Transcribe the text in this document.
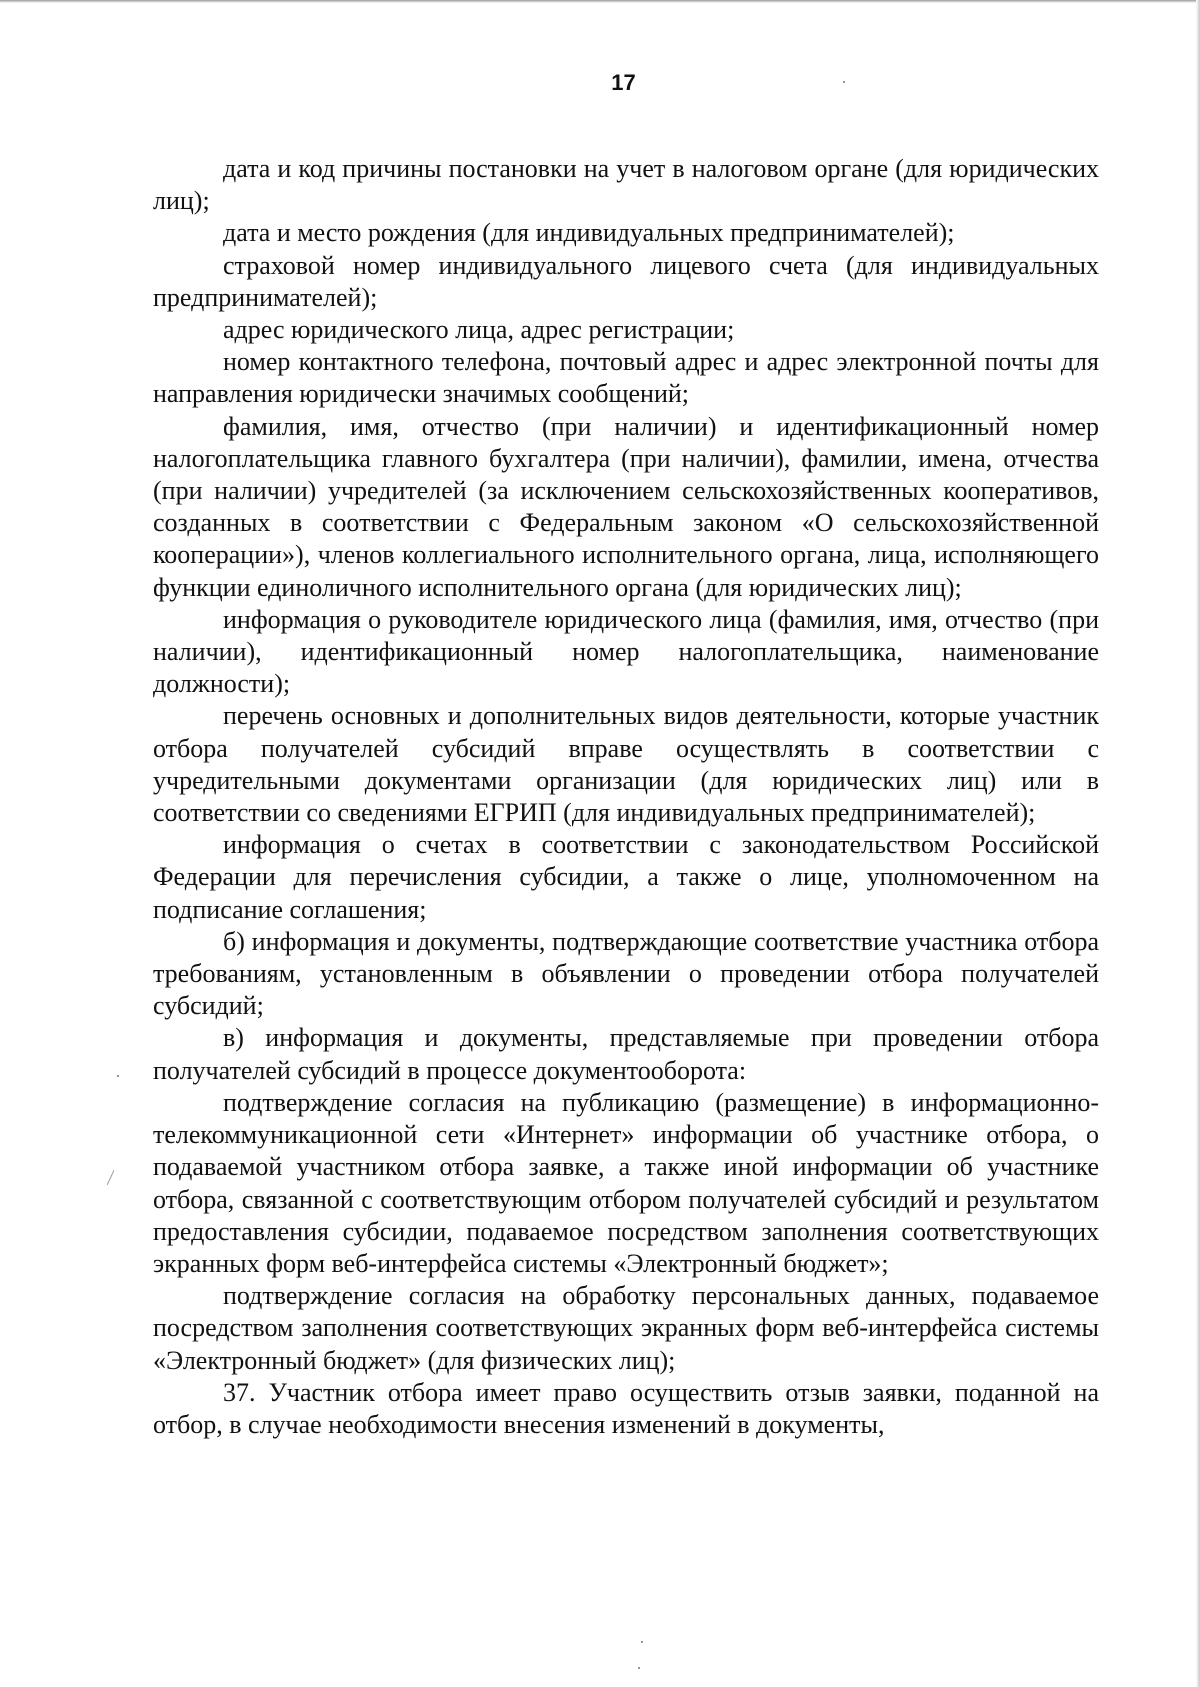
17

дата и код причины постановки на учет в налоговом органе (для юридических лиц);

дата и место рождения (для индивидуальных предпринимателей);

страховой номер индивидуального лицевого счета (для индивидуальных предпринимателей);

адрес юридического лица, адрес регистрации;

номер контактного телефона, почтовый адрес и адрес электронной почты для направления юридически значимых сообщений;

фамилия, имя, отчество (при наличии) и идентификационный номер налогоплательщика главного бухгалтера (при наличии), фамилии, имена, отчества (при наличии) учредителей (за исключением сельскохозяйственных кооперативов, созданных в соответствии с Федеральным законом «О сельскохозяйственной кооперации»), членов коллегиального исполнительного органа, лица, исполняющего функции единоличного исполнительного органа (для юридических лиц);

информация о руководителе юридического лица (фамилия, имя, отчество (при наличии), идентификационный номер налогоплательщика, наименование должности);

перечень основных и дополнительных видов деятельности, которые участник отбора получателей субсидий вправе осуществлять в соответствии с учредительными документами организации (для юридических лиц) или в соответствии со сведениями ЕГРИП (для индивидуальных предпринимателей);

информация о счетах в соответствии с законодательством Российской Федерации для перечисления субсидии, а также о лице, уполномоченном на подписание соглашения;

б) информация и документы, подтверждающие соответствие участника отбора требованиям, установленным в объявлении о проведении отбора получателей субсидий;

в) информация и документы, представляемые при проведении отбора получателей субсидий в процессе документооборота:

подтверждение согласия на публикацию (размещение) в информационно-телекоммуникационной сети «Интернет» информации об участнике отбора, о подаваемой участником отбора заявке, а также иной информации об участнике отбора, связанной с соответствующим отбором получателей субсидий и результатом предоставления субсидии, подаваемое посредством заполнения соответствующих экранных форм веб-интерфейса системы «Электронный бюджет»;

подтверждение согласия на обработку персональных данных, подаваемое посредством заполнения соответствующих экранных форм веб-интерфейса системы «Электронный бюджет» (для физических лиц);

37. Участник отбора имеет право осуществить отзыв заявки, поданной на отбор, в случае необходимости внесения изменений в документы,
